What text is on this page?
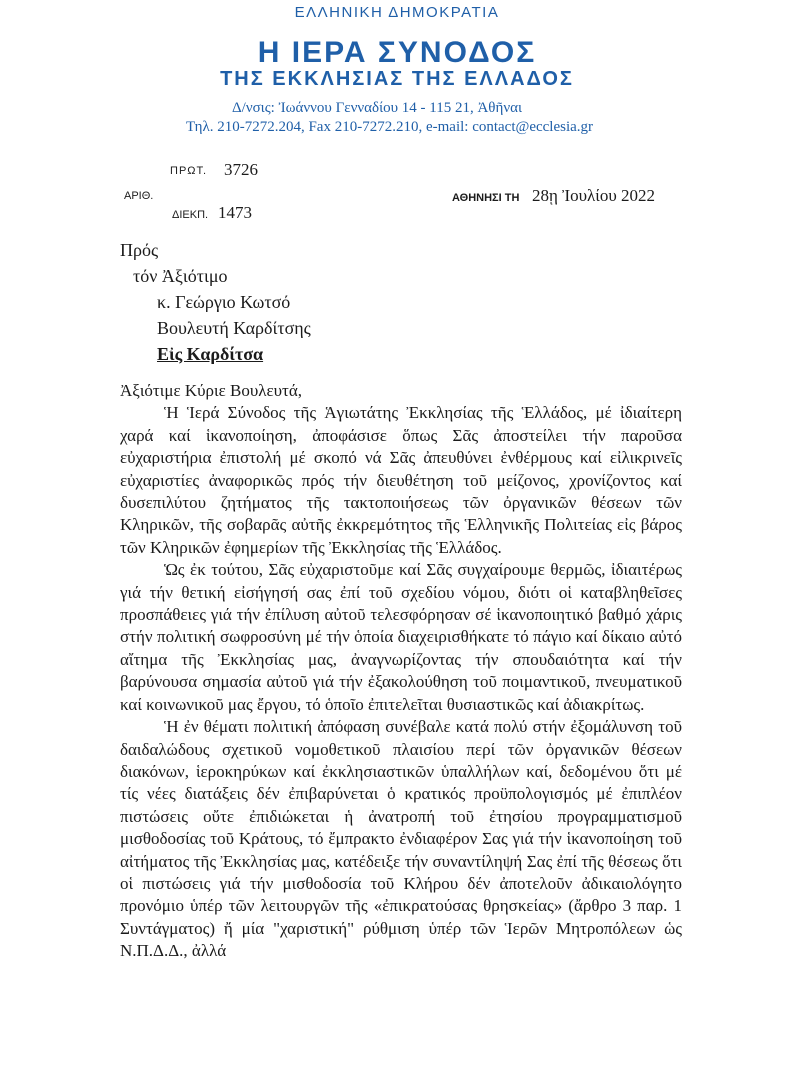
ΕΛΛΗΝΙΚΗ ΔΗΜΟΚΡΑΤΙΑ
Η ΙΕΡΑ ΣΥΝΟΔΟΣ
ΤΗΣ ΕΚΚΛΗΣΙΑΣ ΤΗΣ ΕΛΛΑΔΟΣ
Δ/νσις: Ἰωάννου Γενναδίου 14 - 115 21, Ἀθῆναι
Τηλ. 210-7272.204, Fax 210-7272.210, e-mail: contact@ecclesia.gr
ΠΡΩΤ. 3726
ΑΡΙΘ.
ΔΙΕΚΠ. 1473
ΑΘΗΝΗΣΙ ΤΗ 28ῃ Ἰουλίου 2022
Πρός
τόν Ἀξιότιμο
κ. Γεώργιο Κωτσό
Βουλευτή Καρδίτσης
Εἰς Καρδίτσα

Ἀξιότιμε Κύριε Βουλευτά,

Ἡ Ἱερά Σύνοδος τῆς Ἁγιωτάτης Ἐκκλησίας τῆς Ἑλλάδος, μέ ἰδιαίτερη χαρά καί ἱκανοποίηση, ἀποφάσισε ὅπως Σᾶς ἀποστείλει τήν παροῦσα εὐχαριστήρια ἐπιστολή μέ σκοπό νά Σᾶς ἀπευθύνει ἐνθέρμους καί εἰλικρινεῖς εὐχαριστίες ἀναφορικῶς πρός τήν διευθέτηση τοῦ μείζονος, χρονίζοντος καί δυσεπιλύτου ζητήματος τῆς τακτοποιήσεως τῶν ὀργανικῶν θέσεων τῶν Κληρικῶν, τῆς σοβαρᾶς αὐτῆς ἐκκρεμότητος τῆς Ἑλληνικῆς Πολιτείας εἰς βάρος τῶν Κληρικῶν ἐφημερίων τῆς Ἐκκλησίας τῆς Ἑλλάδος.

Ὡς ἐκ τούτου, Σᾶς εὐχαριστοῦμε καί Σᾶς συγχαίρουμε θερμῶς, ἰδιαιτέρως γιά τήν θετική εἰσήγησή σας ἐπί τοῦ σχεδίου νόμου, διότι οἱ καταβληθεῖσες προσπάθειες γιά τήν ἐπίλυση αὐτοῦ τελεσφόρησαν σέ ἱκανοποιητικό βαθμό χάρις στήν πολιτική σωφροσύνη μέ τήν ὁποία διαχειρισθήκατε τό πάγιο καί δίκαιο αὐτό αἴτημα τῆς Ἐκκλησίας μας, ἀναγνωρίζοντας τήν σπουδαιότητα καί τήν βαρύνουσα σημασία αὐτοῦ γιά τήν ἐξακολούθηση τοῦ ποιμαντικοῦ, πνευματικοῦ καί κοινωνικοῦ μας ἔργου, τό ὁποῖο ἐπιτελεῖται θυσιαστικῶς καί ἀδιακρίτως.

Ἡ ἐν θέματι πολιτική ἀπόφαση συνέβαλε κατά πολύ στήν ἐξομάλυνση τοῦ δαιδαλώδους σχετικοῦ νομοθετικοῦ πλαισίου περί τῶν ὀργανικῶν θέσεων διακόνων, ἱεροκηρύκων καί ἐκκλησιαστικῶν ὑπαλλήλων καί, δεδομένου ὅτι μέ τίς νέες διατάξεις δέν ἐπιβαρύνεται ὁ κρατικός προϋπολογισμός μέ ἐπιπλέον πιστώσεις οὔτε ἐπιδιώκεται ἡ ἀνατροπή τοῦ ἐτησίου προγραμματισμοῦ μισθοδοσίας τοῦ Κράτους, τό ἔμπρακτο ἐνδιαφέρον Σας γιά τήν ἱκανοποίηση τοῦ αἰτήματος τῆς Ἐκκλησίας μας, κατέδειξε τήν συναντίληψή Σας ἐπί τῆς θέσεως ὅτι οἱ πιστώσεις γιά τήν μισθοδοσία τοῦ Κλήρου δέν ἀποτελοῦν ἀδικαιολόγητο προνόμιο ὑπέρ τῶν λειτουργῶν τῆς «ἐπικρατούσας θρησκείας» (ἄρθρο 3 παρ. 1 Συντάγματος) ἤ μία "χαριστική" ρύθμιση ὑπέρ τῶν Ἱερῶν Μητροπόλεων ὡς Ν.Π.Δ.Δ., ἀλλά
